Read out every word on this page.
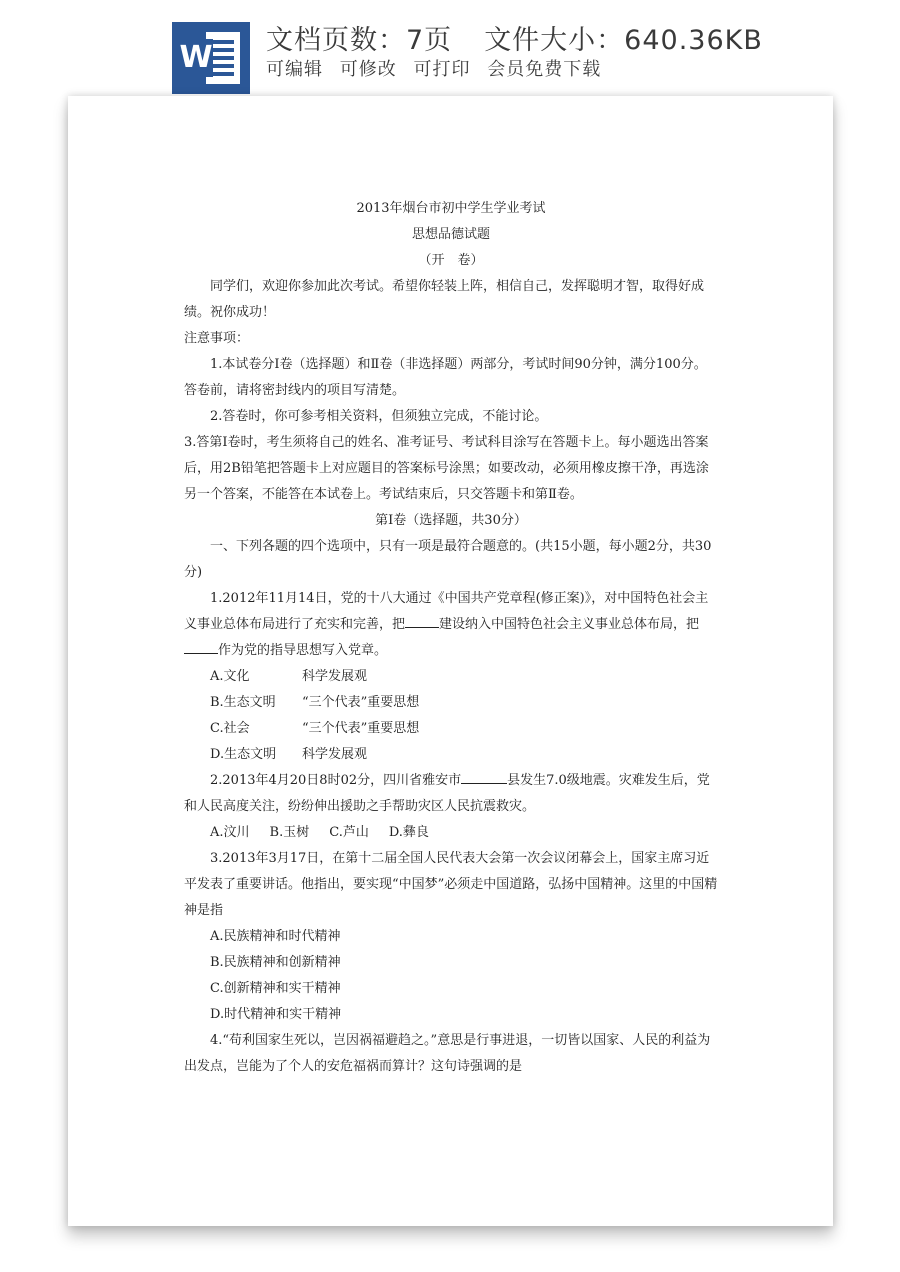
W 文档页数：7页 文件大小：640.36KB
可编辑 可修改 可打印 会员免费下载

2013年烟台市初中学生学业考试

思想品德试题

（开　卷）

同学们，欢迎你参加此次考试。希望你轻装上阵，相信自己，发挥聪明才智，取得好成绩。祝你成功！

注意事项：

1.本试卷分Ⅰ卷（选择题）和Ⅱ卷（非选择题）两部分，考试时间90分钟，满分100分。答卷前，请将密封线内的项目写清楚。

2.答卷时，你可参考相关资料，但须独立完成，不能讨论。

3.答第Ⅰ卷时，考生须将自己的姓名、准考证号、考试科目涂写在答题卡上。每小题选出答案后，用2B铅笔把答题卡上对应题目的答案标号涂黑；如要改动，必须用橡皮擦干净，再选涂另一个答案，不能答在本试卷上。考试结束后，只交答题卡和第Ⅱ卷。

第Ⅰ卷（选择题，共30分）

一、下列各题的四个选项中，只有一项是最符合题意的。(共15小题，每小题2分，共30分)

1.2012年11月14日，党的十八大通过《中国共产党章程(修正案)》，对中国特色社会主义事业总体布局进行了充实和完善，把	建设纳入中国特色社会主义事业总体布局，把作为党的指导思想写入党章。

A.文化	科学发展观

B.生态文明 “三个代表”重要思想

C.社会	“三个代表”重要思想

D.生态文明 科学发展观

2.2013年4月20日8时02分，四川省雅安市	县发生7.0级地震。灾难发生后，党和人民高度关注，纷纷伸出援助之手帮助灾区人民抗震救灾。

A.汶川 B.玉树 C.芦山 D.彝良

3.2013年3月17日，在第十二届全国人民代表大会第一次会议闭幕会上，国家主席习近平发表了重要讲话。他指出，要实现“中国梦”必须走中国道路，弘扬中国精神。这里的中国精神是指

A.民族精神和时代精神

B.民族精神和创新精神

C.创新精神和实干精神

D.时代精神和实干精神

4.“苟利国家生死以，岂因祸福避趋之。”意思是行事进退，一切皆以国家、人民的利益为出发点，岂能为了个人的安危福祸而算计？这句诗强调的是
